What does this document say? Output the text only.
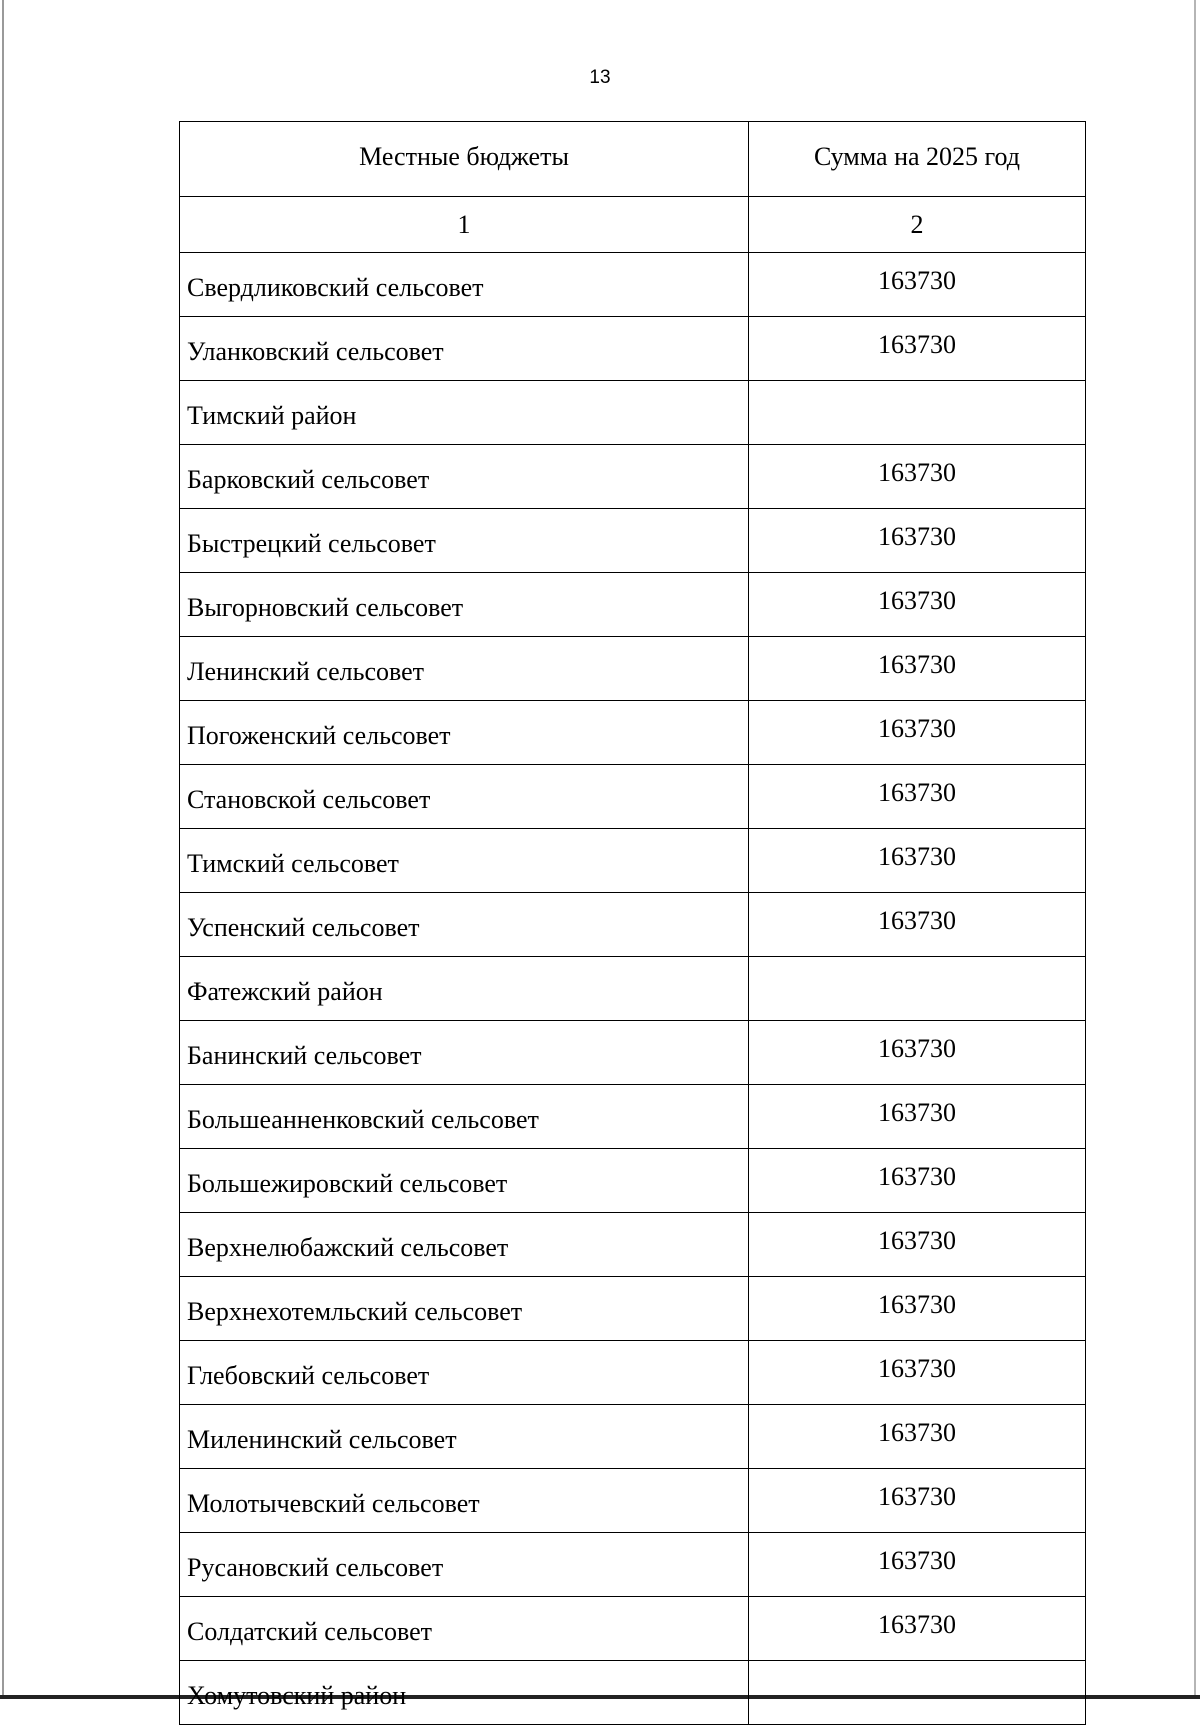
13
Местные бюджеты	Сумма на 2025 год
1	2
Свердликовский сельсовет	163730
Уланковский сельсовет	163730
Тимский район	
Барковский сельсовет	163730
Быстрецкий сельсовет	163730
Выгорновский сельсовет	163730
Ленинский сельсовет	163730
Погоженский сельсовет	163730
Становской сельсовет	163730
Тимский сельсовет	163730
Успенский сельсовет	163730
Фатежский район	
Банинский сельсовет	163730
Большеанненковский сельсовет	163730
Большежировский сельсовет	163730
Верхнелюбажский сельсовет	163730
Верхнехотемльский сельсовет	163730
Глебовский сельсовет	163730
Миленинский сельсовет	163730
Молотычевский сельсовет	163730
Русановский сельсовет	163730
Солдатский сельсовет	163730
Хомутовский район	
